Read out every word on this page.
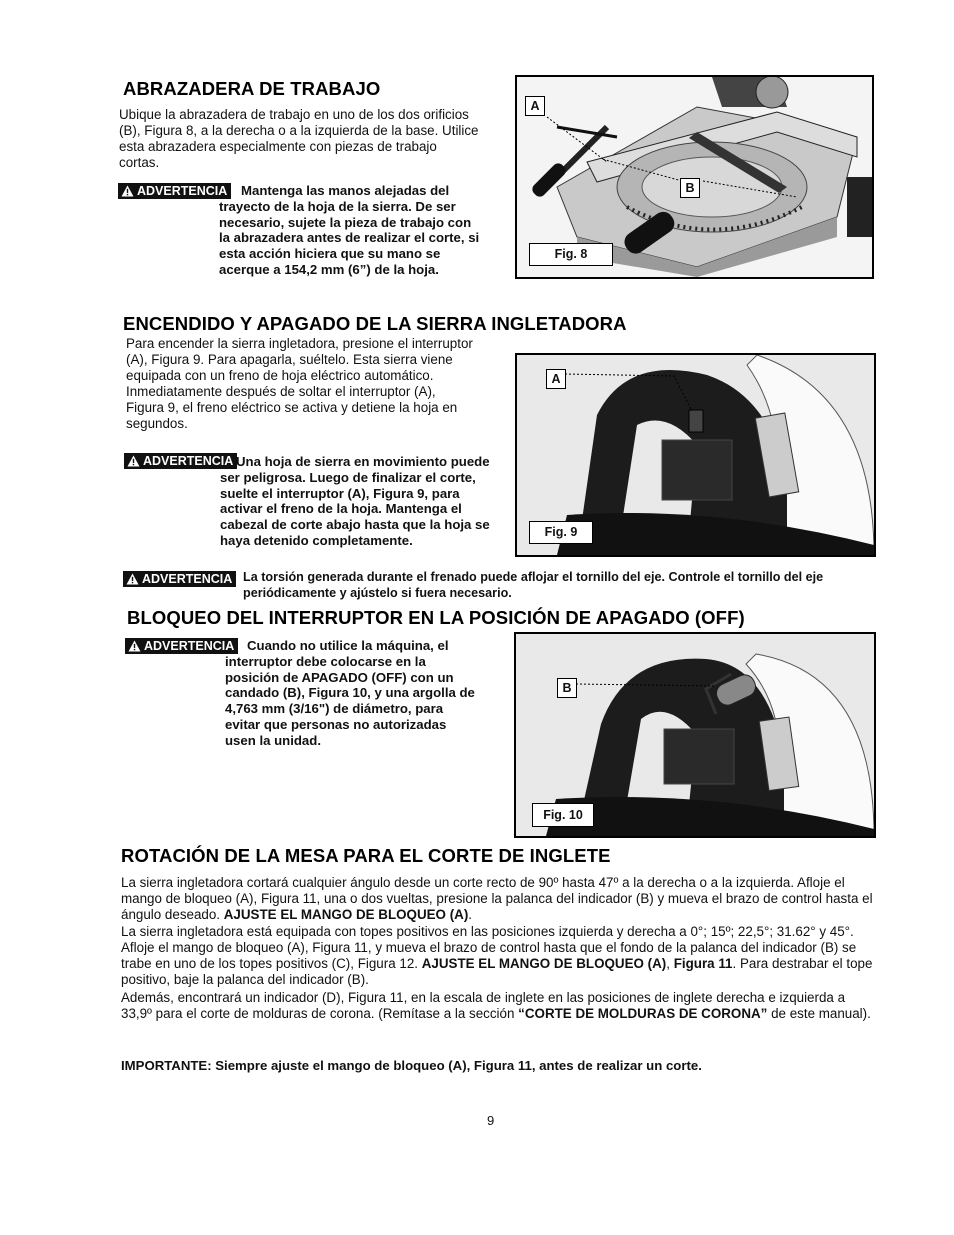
ABRAZADERA DE TRABAJO

Ubique la abrazadera de trabajo en uno de los dos orificios (B), Figura 8, a la derecha o a la izquierda de la base. Utilice esta abrazadera especialmente con piezas de trabajo cortas.

ADVERTENCIA	Mantenga las manos alejadas del trayecto de la hoja de la sierra. De ser necesario, sujete la pieza de trabajo con la abrazadera antes de realizar el corte, si esta acción hiciera que su mano se acerque a 154,2 mm (6”) de la hoja.

A
B
Fig. 8
ENCENDIDO Y APAGADO DE LA SIERRA INGLETADORA

Para encender la sierra ingletadora, presione el interruptor (A), Figura 9. Para apagarla, suéltelo. Esta sierra viene equipada con un freno de hoja eléctrico automático. Inmediatamente después de soltar el interruptor (A), Figura 9, el freno eléctrico se activa y detiene la hoja en segundos.

ADVERTENCIA Una hoja de sierra en movimiento puede ser peligrosa. Luego de finalizar el corte, suelte el interruptor (A), Figura 9, para activar el freno de la hoja. Mantenga el cabezal de corte abajo hasta que la hoja se haya detenido completamente.

A
Fig. 9
ADVERTENCIA La torsión generada durante el frenado puede aflojar el tornillo del eje. Controle el tornillo del eje periódicamente y ajústelo si fuera necesario.

BLOQUEO DEL INTERRUPTOR EN LA POSICIÓN DE APAGADO (OFF)
ADVERTENCIA Cuando no utilice la máquina, el interruptor debe colocarse en la posición de APAGADO (OFF) con un candado (B), Figura 10, y una argolla de 4,763 mm (3/16") de diámetro, para evitar que personas no autorizadas usen la unidad.

B
Fig. 10
ROTACIÓN DE LA MESA PARA EL CORTE DE INGLETE

La sierra ingletadora cortará cualquier ángulo desde un corte recto de 90º hasta 47º a la derecha o a la izquierda. Afloje el mango de bloqueo (A), Figura 11, una o dos vueltas, presione la palanca del indicador (B) y mueva el brazo de control hasta el ángulo deseado. AJUSTE EL MANGO DE BLOQUEO (A).

La sierra ingletadora está equipada con topes positivos en las posiciones izquierda y derecha a 0°; 15º; 22,5°; 31.62° y 45°. Afloje el mango de bloqueo (A), Figura 11, y mueva el brazo de control hasta que el fondo de la palanca del indicador (B) se trabe en uno de los topes positivos (C), Figura 12. AJUSTE EL MANGO DE BLOQUEO (A), Figura 11. Para destrabar el tope positivo, baje la palanca del indicador (B).

Además, encontrará un indicador (D), Figura 11, en la escala de inglete en las posiciones de inglete derecha e izquierda a 33,9º para el corte de molduras de corona. (Remítase a la sección “CORTE DE MOLDURAS DE CORONA” de este manual).

IMPORTANTE: Siempre ajuste el mango de bloqueo (A), Figura 11, antes de realizar un corte.

9
